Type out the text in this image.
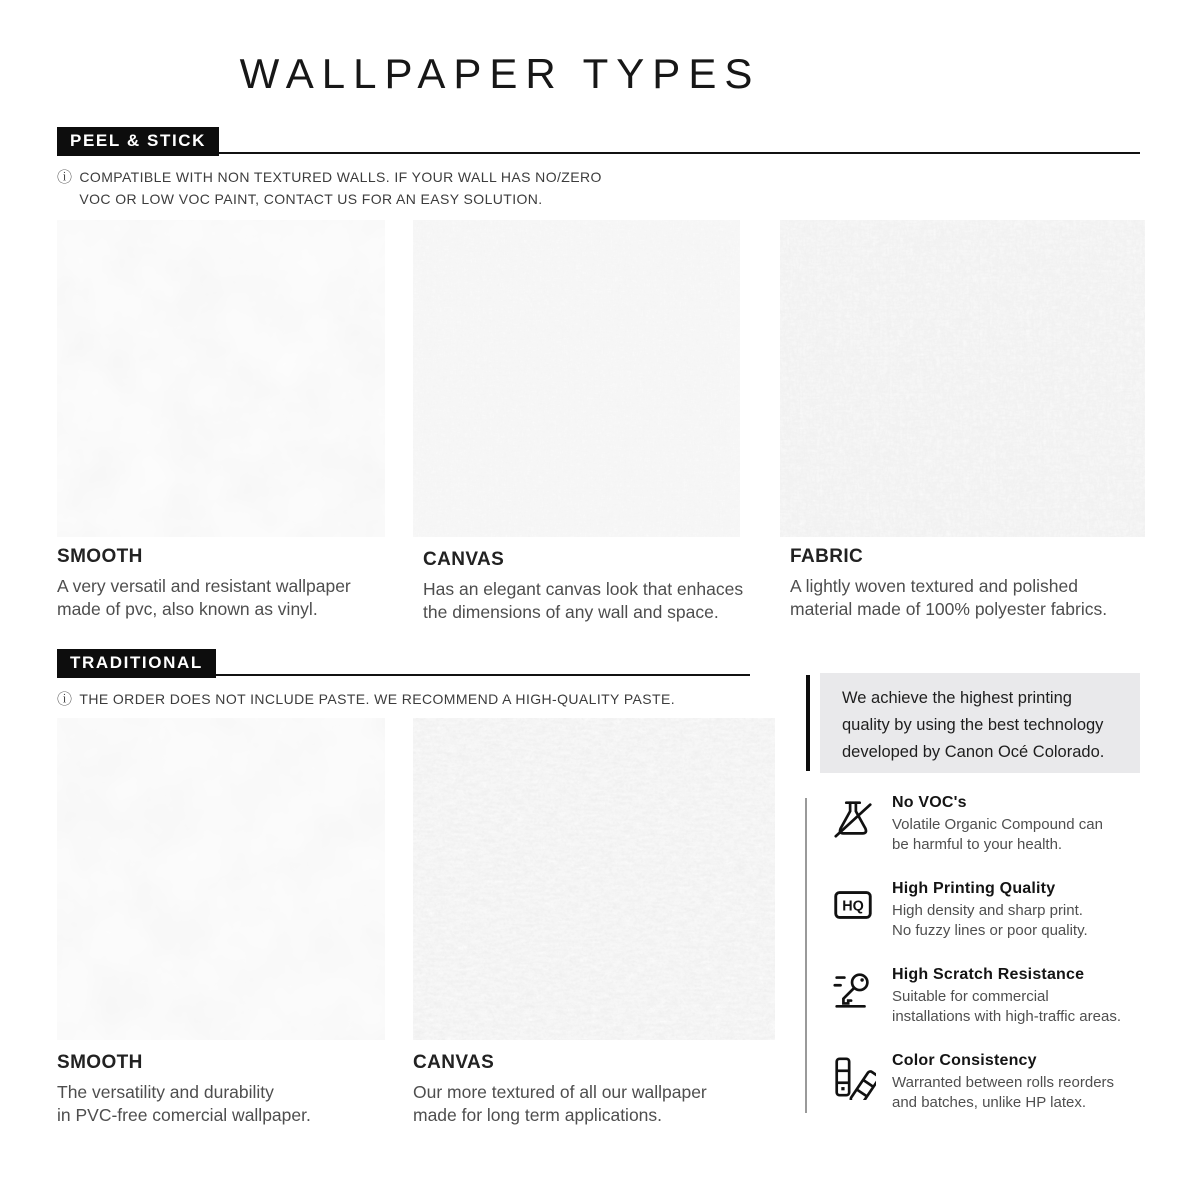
WALLPAPER TYPES
PEEL & STICK
ⓘ COMPATIBLE WITH NON TEXTURED WALLS. IF YOUR WALL HAS NO/ZERO
VOC OR LOW VOC PAINT, CONTACT US FOR AN EASY SOLUTION.
SMOOTH
A very versatil and resistant wallpaper
made of pvc, also known as vinyl.
CANVAS
Has an elegant canvas look that enhaces
the dimensions of any wall and space.
FABRIC
A lightly woven textured and polished
material made of 100% polyester fabrics.
TRADITIONAL
ⓘ THE ORDER DOES NOT INCLUDE PASTE. WE RECOMMEND A HIGH-QUALITY PASTE.
SMOOTH
The versatility and durability
in PVC-free comercial wallpaper.
CANVAS
Our more textured of all our wallpaper
made for long term applications.
We achieve the highest printing
quality by using the best technology
developed by Canon Océ Colorado.
No VOC's
Volatile Organic Compound can
be harmful to your health.
HQ
High Printing Quality
High density and sharp print.
No fuzzy lines or poor quality.
High Scratch Resistance
Suitable for commercial
installations with high-traffic areas.
Color Consistency
Warranted between rolls reorders
and batches, unlike HP latex.
